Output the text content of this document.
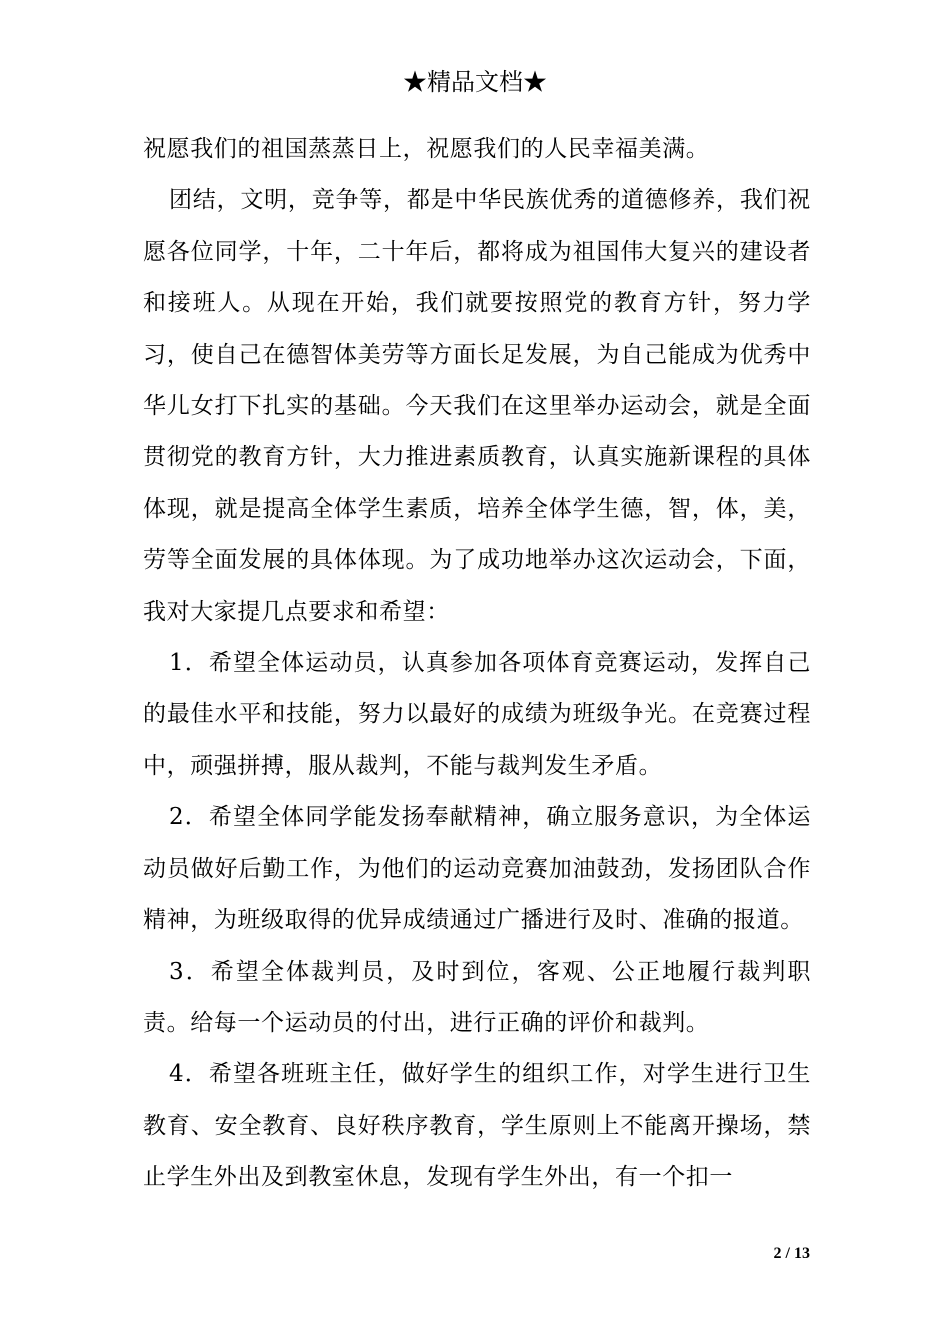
★精品文档★

祝愿我们的祖国蒸蒸日上，祝愿我们的人民幸福美满。

团结，文明，竞争等，都是中华民族优秀的道德修养，我们祝愿各位同学，十年，二十年后，都将成为祖国伟大复兴的建设者和接班人。从现在开始，我们就要按照党的教育方针，努力学习，使自己在德智体美劳等方面长足发展，为自己能成为优秀中华儿女打下扎实的基础。今天我们在这里举办运动会，就是全面贯彻党的教育方针，大力推进素质教育，认真实施新课程的具体体现，就是提高全体学生素质，培养全体学生德，智，体，美，劳等全面发展的具体体现。为了成功地举办这次运动会，下面，我对大家提几点要求和希望：

1．希望全体运动员，认真参加各项体育竞赛运动，发挥自己的最佳水平和技能，努力以最好的成绩为班级争光。在竞赛过程中，顽强拼搏，服从裁判，不能与裁判发生矛盾。

2．希望全体同学能发扬奉献精神，确立服务意识，为全体运动员做好后勤工作，为他们的运动竞赛加油鼓劲，发扬团队合作精神，为班级取得的优异成绩通过广播进行及时、准确的报道。

3．希望全体裁判员，及时到位，客观、公正地履行裁判职责。给每一个运动员的付出，进行正确的评价和裁判。

4．希望各班班主任，做好学生的组织工作，对学生进行卫生教育、安全教育、良好秩序教育，学生原则上不能离开操场，禁止学生外出及到教室休息，发现有学生外出，有一个扣一

2 / 13
